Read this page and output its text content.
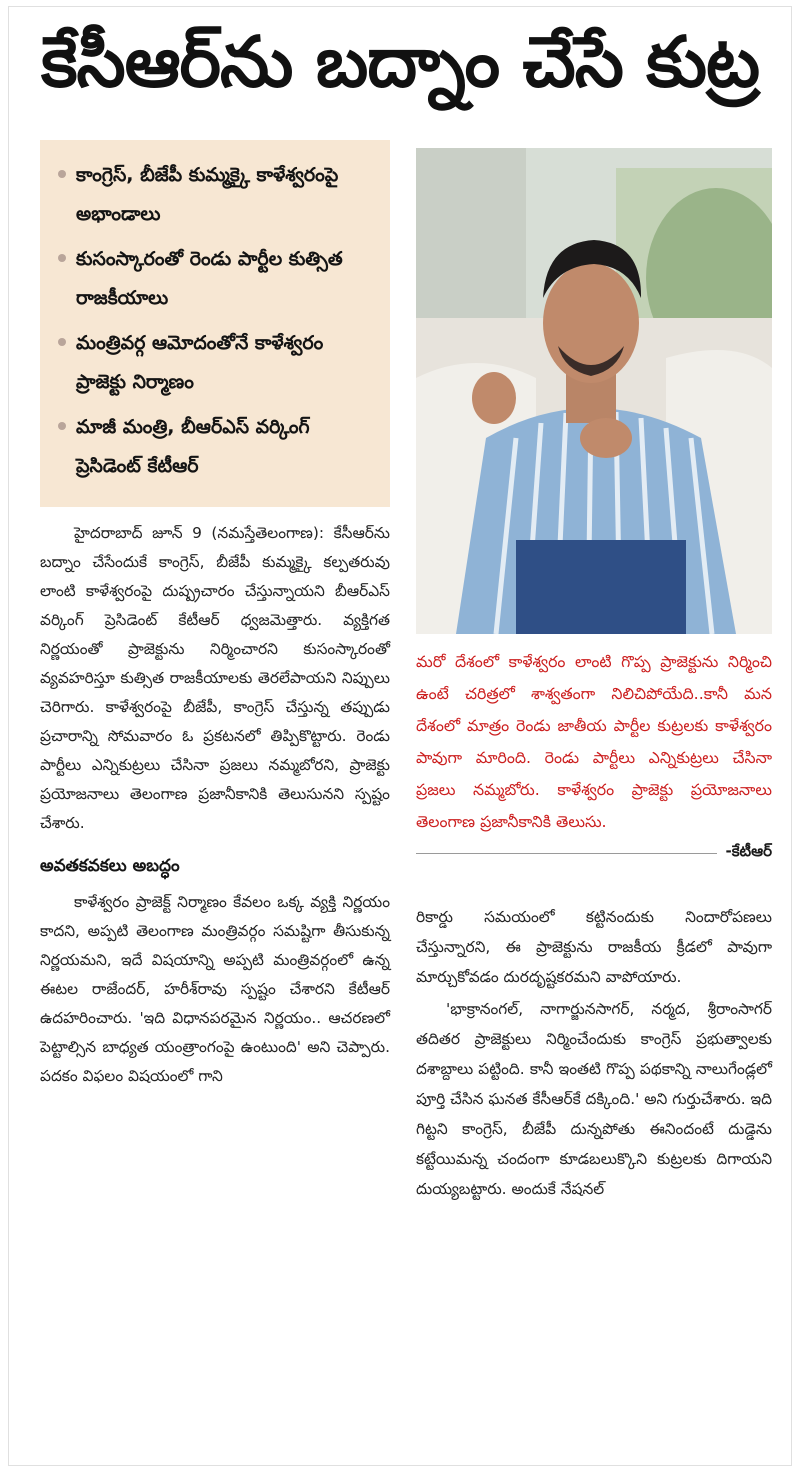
కేసీఆర్‌ను బద్నాం చేసే కుట్ర
కాంగ్రెస్‌, బీజేపీ కుమ్మక్కై కాళేశ్వరంపై అభాండాలు
కుసంస్కారంతో రెండు పార్టీల కుత్సిత రాజకీయాలు
మంత్రివర్గ ఆమోదంతోనే కాళేశ్వరం ప్రాజెక్టు నిర్మాణం
మాజీ మంత్రి, బీఆర్‌ఎస్‌ వర్కింగ్‌ ప్రెసిడెంట్‌ కేటీఆర్‌

హైదరాబాద్‌ జూన్‌ 9 (నమస్తేతెలంగాణ): కేసీఆర్‌ను బద్నాం చేసేందుకే కాంగ్రెస్‌, బీజేపీ కుమ్మక్కై కల్పతరువు లాంటి కాళేశ్వరంపై దుష్ప్రచారం చేస్తున్నాయని బీఆర్‌ఎస్‌ వర్కింగ్‌ ప్రెసిడెంట్‌ కేటీఆర్‌ ధ్వజమెత్తారు. వ్యక్తిగత నిర్ణయంతో ప్రాజెక్టును నిర్మించారని కుసంస్కారంతో వ్యవహరిస్తూ కుత్సిత రాజకీయాలకు తెరలేపాయని నిప్పులు చెరిగారు. కాళేశ్వరంపై బీజేపీ, కాంగ్రెస్‌ చేస్తున్న తప్పుడు ప్రచారాన్ని సోమవారం ఓ ప్రకటనలో తిప్పికొట్టారు. రెండు పార్టీలు ఎన్నికుట్రలు చేసినా ప్రజలు నమ్మబోరని, ప్రాజెక్టు ప్రయోజనాలు తెలంగాణ ప్రజానీకానికి తెలుసునని స్పష్టం చేశారు.

అవతకవకలు అబద్ధం

కాళేశ్వరం ప్రాజెక్ట్‌ నిర్మాణం కేవలం ఒక్క వ్యక్తి నిర్ణయం కాదని, అప్పటి తెలంగాణ మంత్రివర్గం సమష్టిగా తీసుకున్న నిర్ణయమని, ఇదే విషయాన్ని అప్పటి మంత్రివర్గంలో ఉన్న ఈటల రాజేందర్‌, హరీశ్‌రావు స్పష్టం చేశారని కేటీఆర్‌ ఉదహరించారు. 'ఇది విధానపరమైన నిర్ణయం.. ఆచరణలో పెట్టాల్సిన బాధ్యత యంత్రాంగంపై ఉంటుంది' అని చెప్పారు. పదకం విఫలం విషయంలో గాని

మరో దేశంలో కాళేశ్వరం లాంటి గొప్ప ప్రాజెక్టును నిర్మించి ఉంటే చరిత్రలో శాశ్వతంగా నిలిచిపోయేది..కానీ మన దేశంలో మాత్రం రెండు జాతీయ పార్టీల కుట్రలకు కాళేశ్వరం పావుగా మారింది. రెండు పార్టీలు ఎన్నికుట్రలు చేసినా ప్రజలు నమ్మబోరు. కాళేశ్వరం ప్రాజెక్టు ప్రయోజనాలు తెలంగాణ ప్రజానీకానికి తెలుసు.
-కేటీఆర్‌

రికార్డు సమయంలో కట్టినందుకు నిందారోపణలు చేస్తున్నారని, ఈ ప్రాజెక్టును రాజకీయ క్రీడలో పావుగా మార్చుకోవడం దురదృష్టకరమని వాపోయారు.

'భాక్రానంగల్‌, నాగార్జునసాగర్‌, నర్మద, శ్రీరాంసాగర్‌ తదితర ప్రాజెక్టులు నిర్మించేందుకు కాంగ్రెస్‌ ప్రభుత్వాలకు దశాబ్దాలు పట్టింది. కానీ ఇంతటి గొప్ప పథకాన్ని నాలుగేండ్లలో పూర్తి చేసిన ఘనత కేసీఆర్‌కే దక్కింది.' అని గుర్తుచేశారు. ఇది గిట్టని కాంగ్రెస్‌, బీజేపీ దున్నపోతు ఈనిందంటే దుడ్డెను కట్టేయిమన్న చందంగా కూడబలుక్కొని కుట్రలకు దిగాయని దుయ్యబట్టారు. అందుకే నేషనల్‌
